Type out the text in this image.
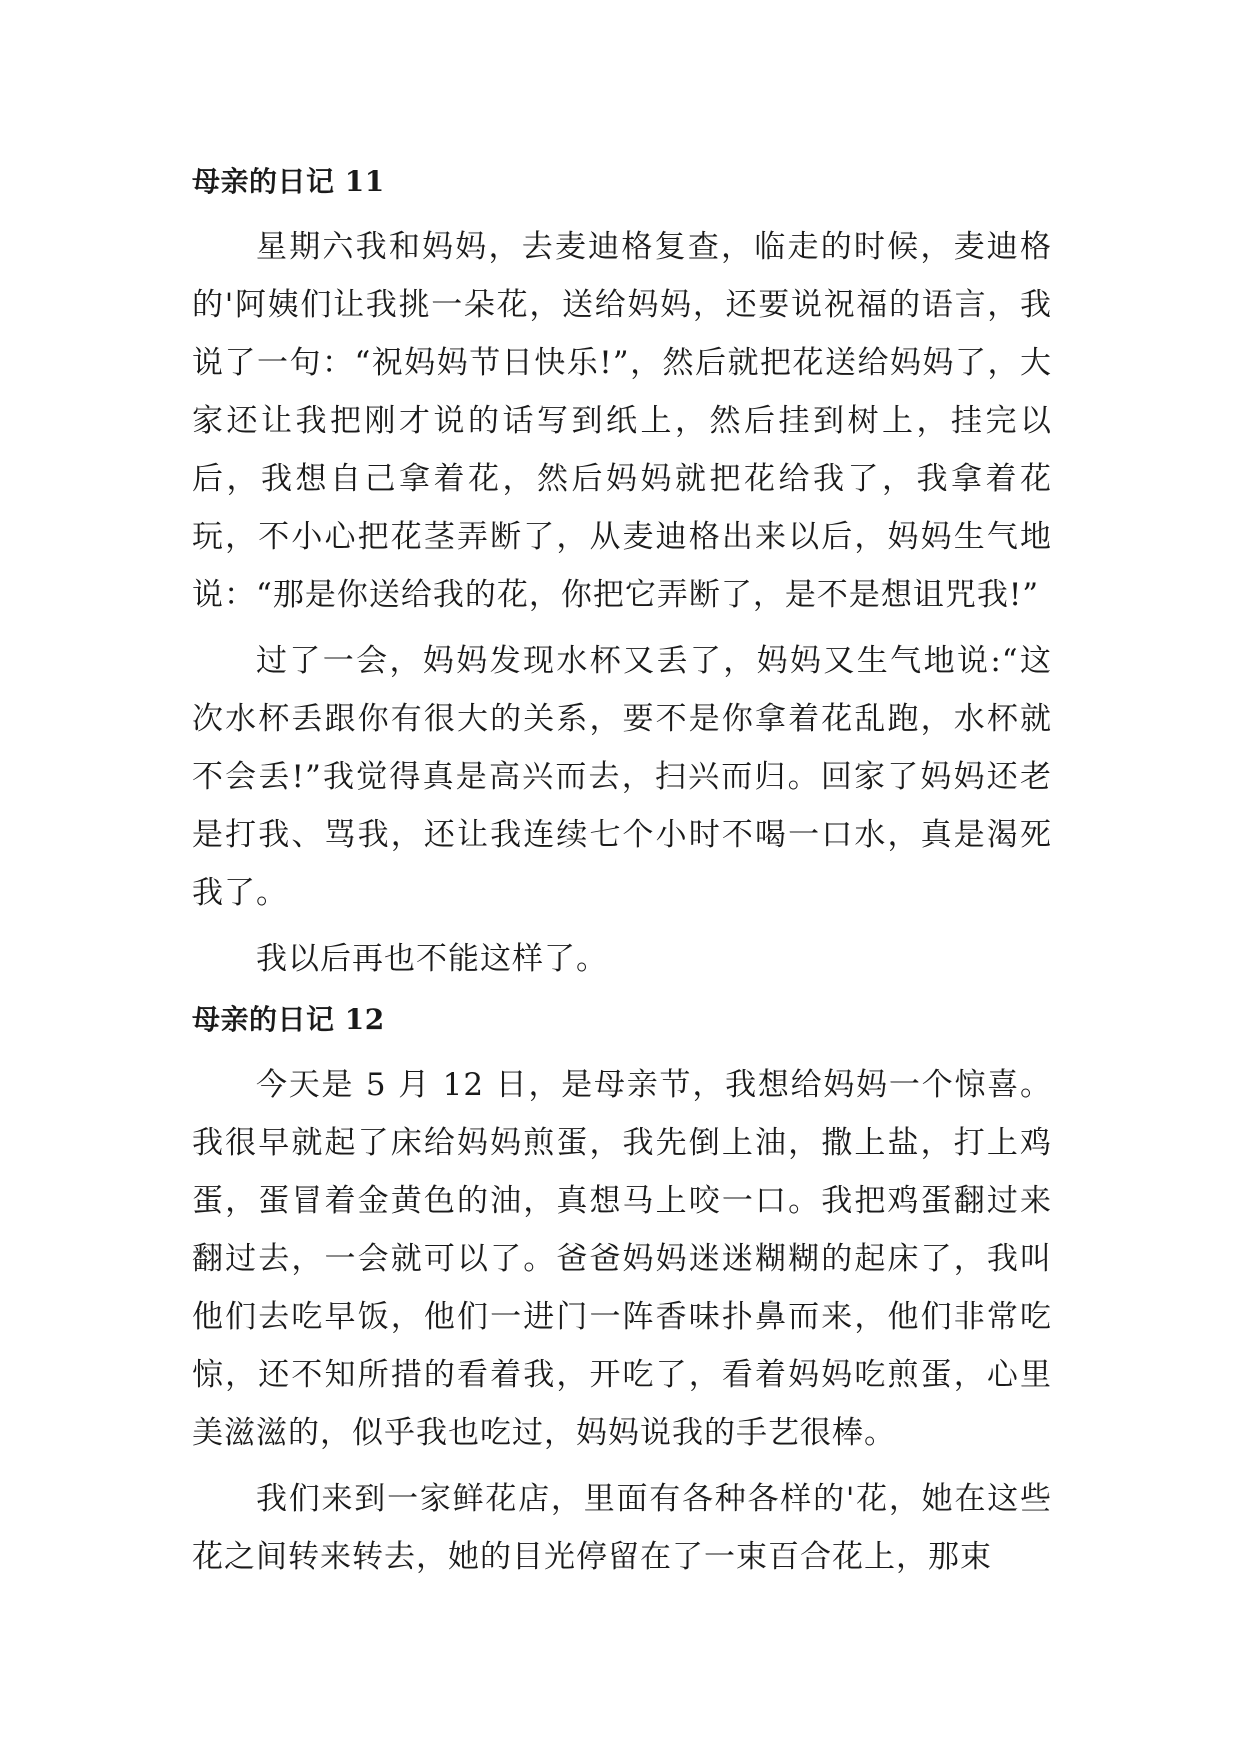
母亲的日记 11

星期六我和妈妈，去麦迪格复查，临走的时候，麦迪格的'阿姨们让我挑一朵花，送给妈妈，还要说祝福的语言，我说了一句：“祝妈妈节日快乐!”，然后就把花送给妈妈了，大家还让我把刚才说的话写到纸上，然后挂到树上，挂完以后，我想自己拿着花，然后妈妈就把花给我了，我拿着花玩，不小心把花茎弄断了，从麦迪格出来以后，妈妈生气地说：“那是你送给我的花，你把它弄断了，是不是想诅咒我!”

过了一会，妈妈发现水杯又丢了，妈妈又生气地说:“这次水杯丢跟你有很大的关系，要不是你拿着花乱跑，水杯就不会丢!”我觉得真是高兴而去，扫兴而归。回家了妈妈还老是打我、骂我，还让我连续七个小时不喝一口水，真是渴死我了。

我以后再也不能这样了。

母亲的日记 12

今天是 5 月 12 日，是母亲节，我想给妈妈一个惊喜。我很早就起了床给妈妈煎蛋，我先倒上油，撒上盐，打上鸡蛋，蛋冒着金黄色的油，真想马上咬一口。我把鸡蛋翻过来翻过去，一会就可以了。爸爸妈妈迷迷糊糊的起床了，我叫他们去吃早饭，他们一进门一阵香味扑鼻而来，他们非常吃惊，还不知所措的看着我，开吃了，看着妈妈吃煎蛋，心里美滋滋的，似乎我也吃过，妈妈说我的手艺很棒。

我们来到一家鲜花店，里面有各种各样的'花，她在这些花之间转来转去，她的目光停留在了一束百合花上，那束
